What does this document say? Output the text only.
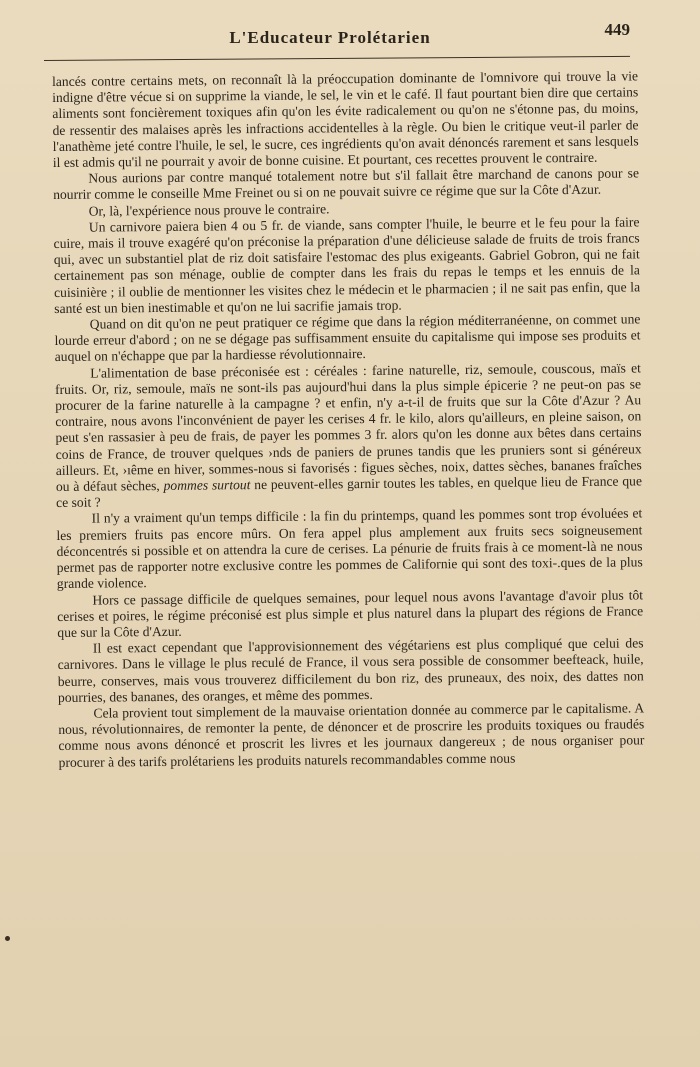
L'Educateur Prolétarien	449

lancés contre certains mets, on reconnaît là la préoccupation dominante de l'omnivore qui trouve la vie indigne d'être vécue si on supprime la viande, le sel, le vin et le café. Il faut pourtant bien dire que certains aliments sont foncièrement toxiques afin qu'on les évite radicalement ou qu'on ne s'étonne pas, du moins, de ressentir des malaises après les infractions accidentelles à la règle. Ou bien le critique veut-il parler de l'anathème jeté contre l'huile, le sel, le sucre, ces ingrédients qu'on avait dénoncés rarement et sans lesquels il est admis qu'il ne pourrait y avoir de bonne cuisine. Et pourtant, ces recettes prouvent le contraire.

Nous aurions par contre manqué totalement notre but s'il fallait être marchand de canons pour se nourrir comme le conseille Mme Freinet ou si on ne pouvait suivre ce régime que sur la Côte d'Azur.

Or, là, l'expérience nous prouve le contraire.

Un carnivore paiera bien 4 ou 5 fr. de viande, sans compter l'huile, le beurre et le feu pour la faire cuire, mais il trouve exagéré qu'on préconise la préparation d'une délicieuse salade de fruits de trois francs qui, avec un substantiel plat de riz doit satisfaire l'estomac des plus exigeants. Gabriel Gobron, qui ne fait certainement pas son ménage, oublie de compter dans les frais du repas le temps et les ennuis de la cuisinière ; il oublie de mentionner les visites chez le médecin et le pharmacien ; il ne sait pas enfin, que la santé est un bien inestimable et qu'on ne lui sacrifie jamais trop.

Quand on dit qu'on ne peut pratiquer ce régime que dans la région méditerranéenne, on commet une lourde erreur d'abord ; on ne se dégage pas suffisamment ensuite du capitalisme qui impose ses produits et auquel on n'échappe que par la hardiesse révolutionnaire.

L'alimentation de base préconisée est : céréales : farine naturelle, riz, semoule, couscous, maïs et fruits. Or, riz, semoule, maïs ne sont-ils pas aujourd'hui dans la plus simple épicerie ? ne peut-on pas se procurer de la farine naturelle à la campagne ? et enfin, n'y a-t-il de fruits que sur la Côte d'Azur ? Au contraire, nous avons l'inconvénient de payer les cerises 4 fr. le kilo, alors qu'ailleurs, en pleine saison, on peut s'en rassasier à peu de frais, de payer les pommes 3 fr. alors qu'on les donne aux bêtes dans certains coins de France, de trouver quelques ›nds de paniers de prunes tandis que les pruniers sont si généreux ailleurs. Et, ›ıême en hiver, sommes-nous si favorisés : figues sèches, noix, dattes sèches, bananes fraîches ou à défaut sèches, pommes surtout ne peuvent-elles garnir toutes les tables, en quelque lieu de France que ce soit ?

Il n'y a vraiment qu'un temps difficile : la fin du printemps, quand les pommes sont trop évoluées et les premiers fruits pas encore mûrs. On fera appel plus amplement aux fruits secs soigneusement déconcentrés si possible et on attendra la cure de cerises. La pénurie de fruits frais à ce moment-là ne nous permet pas de rapporter notre exclusive contre les pommes de Californie qui sont des toxi-.ques de la plus grande violence.

Hors ce passage difficile de quelques semaines, pour lequel nous avons l'avantage d'avoir plus tôt cerises et poires, le régime préconisé est plus simple et plus naturel dans la plupart des régions de France que sur la Côte d'Azur.

Il est exact cependant que l'approvisionnement des végétariens est plus compliqué que celui des carnivores. Dans le village le plus reculé de France, il vous sera possible de consommer beefteack, huile, beurre, conserves, mais vous trouverez difficilement du bon riz, des pruneaux, des noix, des dattes non pourries, des bananes, des oranges, et même des pommes.

Cela provient tout simplement de la mauvaise orientation donnée au commerce par le capitalisme. A nous, révolutionnaires, de remonter la pente, de dénoncer et de proscrire les produits toxiques ou fraudés comme nous avons dénoncé et proscrit les livres et les journaux dangereux ; de nous organiser pour procurer à des tarifs prolétariens les produits naturels recommandables comme nous
